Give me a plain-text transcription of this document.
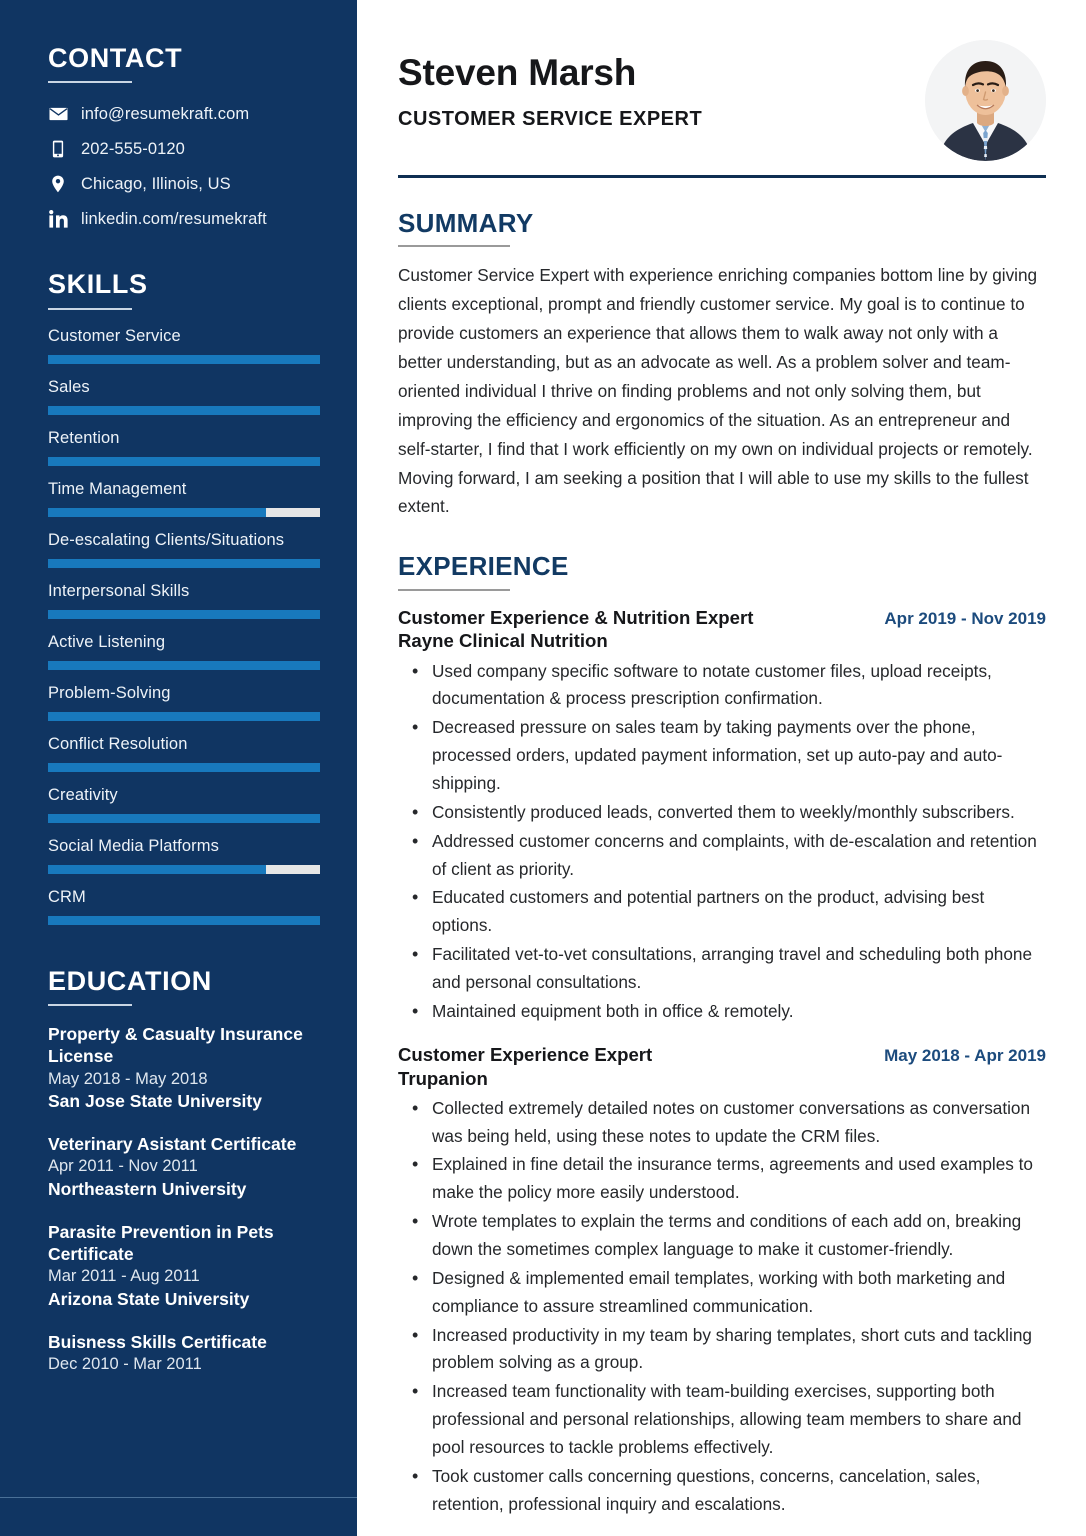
CONTACT
info@resumekraft.com
202-555-0120
Chicago, Illinois, US
linkedin.com/resumekraft
SKILLS
Customer Service
Sales
Retention
Time Management
De-escalating Clients/Situations
Interpersonal Skills
Active Listening
Problem-Solving
Conflict Resolution
Creativity
Social Media Platforms
CRM
EDUCATION
Property & Casualty Insurance License
May 2018 - May 2018
San Jose State University
Veterinary Asistant Certificate
Apr 2011 - Nov 2011
Northeastern University
Parasite Prevention in Pets Certificate
Mar 2011 - Aug 2011
Arizona State University
Buisness Skills Certificate
Dec 2010 - Mar 2011
Steven Marsh
CUSTOMER SERVICE EXPERT
SUMMARY

Customer Service Expert with experience enriching companies bottom line by giving clients exceptional, prompt and friendly customer service. My goal is to continue to provide customers an experience that allows them to walk away not only with a better understanding, but as an advocate as well. As a problem solver and team-oriented individual I thrive on finding problems and not only solving them, but improving the efficiency and ergonomics of the situation. As an entrepreneur and self-starter, I find that I work efficiently on my own on individual projects or remotely. Moving forward, I am seeking a position that I will able to use my skills to the fullest extent.

EXPERIENCE
Customer Experience & Nutrition Expert	Apr 2019 - Nov 2019
Rayne Clinical Nutrition
• Used company specific software to notate customer files, upload receipts, documentation & process prescription confirmation.
• Decreased pressure on sales team by taking payments over the phone, processed orders, updated payment information, set up auto-pay and auto-shipping.
• Consistently produced leads, converted them to weekly/monthly subscribers.
• Addressed customer concerns and complaints, with de-escalation and retention of client as priority.
• Educated customers and potential partners on the product, advising best options.
• Facilitated vet-to-vet consultations, arranging travel and scheduling both phone and personal consultations.
• Maintained equipment both in office & remotely.
Customer Experience Expert	May 2018 - Apr 2019
Trupanion
• Collected extremely detailed notes on customer conversations as conversation was being held, using these notes to update the CRM files.
• Explained in fine detail the insurance terms, agreements and used examples to make the policy more easily understood.
• Wrote templates to explain the terms and conditions of each add on, breaking down the sometimes complex language to make it customer-friendly.
• Designed & implemented email templates, working with both marketing and compliance to assure streamlined communication.
• Increased productivity in my team by sharing templates, short cuts and tackling problem solving as a group.
• Increased team functionality with team-building exercises, supporting both professional and personal relationships, allowing team members to share and pool resources to tackle problems effectively.
• Took customer calls concerning questions, concerns, cancelation, sales, retention, professional inquiry and escalations.
